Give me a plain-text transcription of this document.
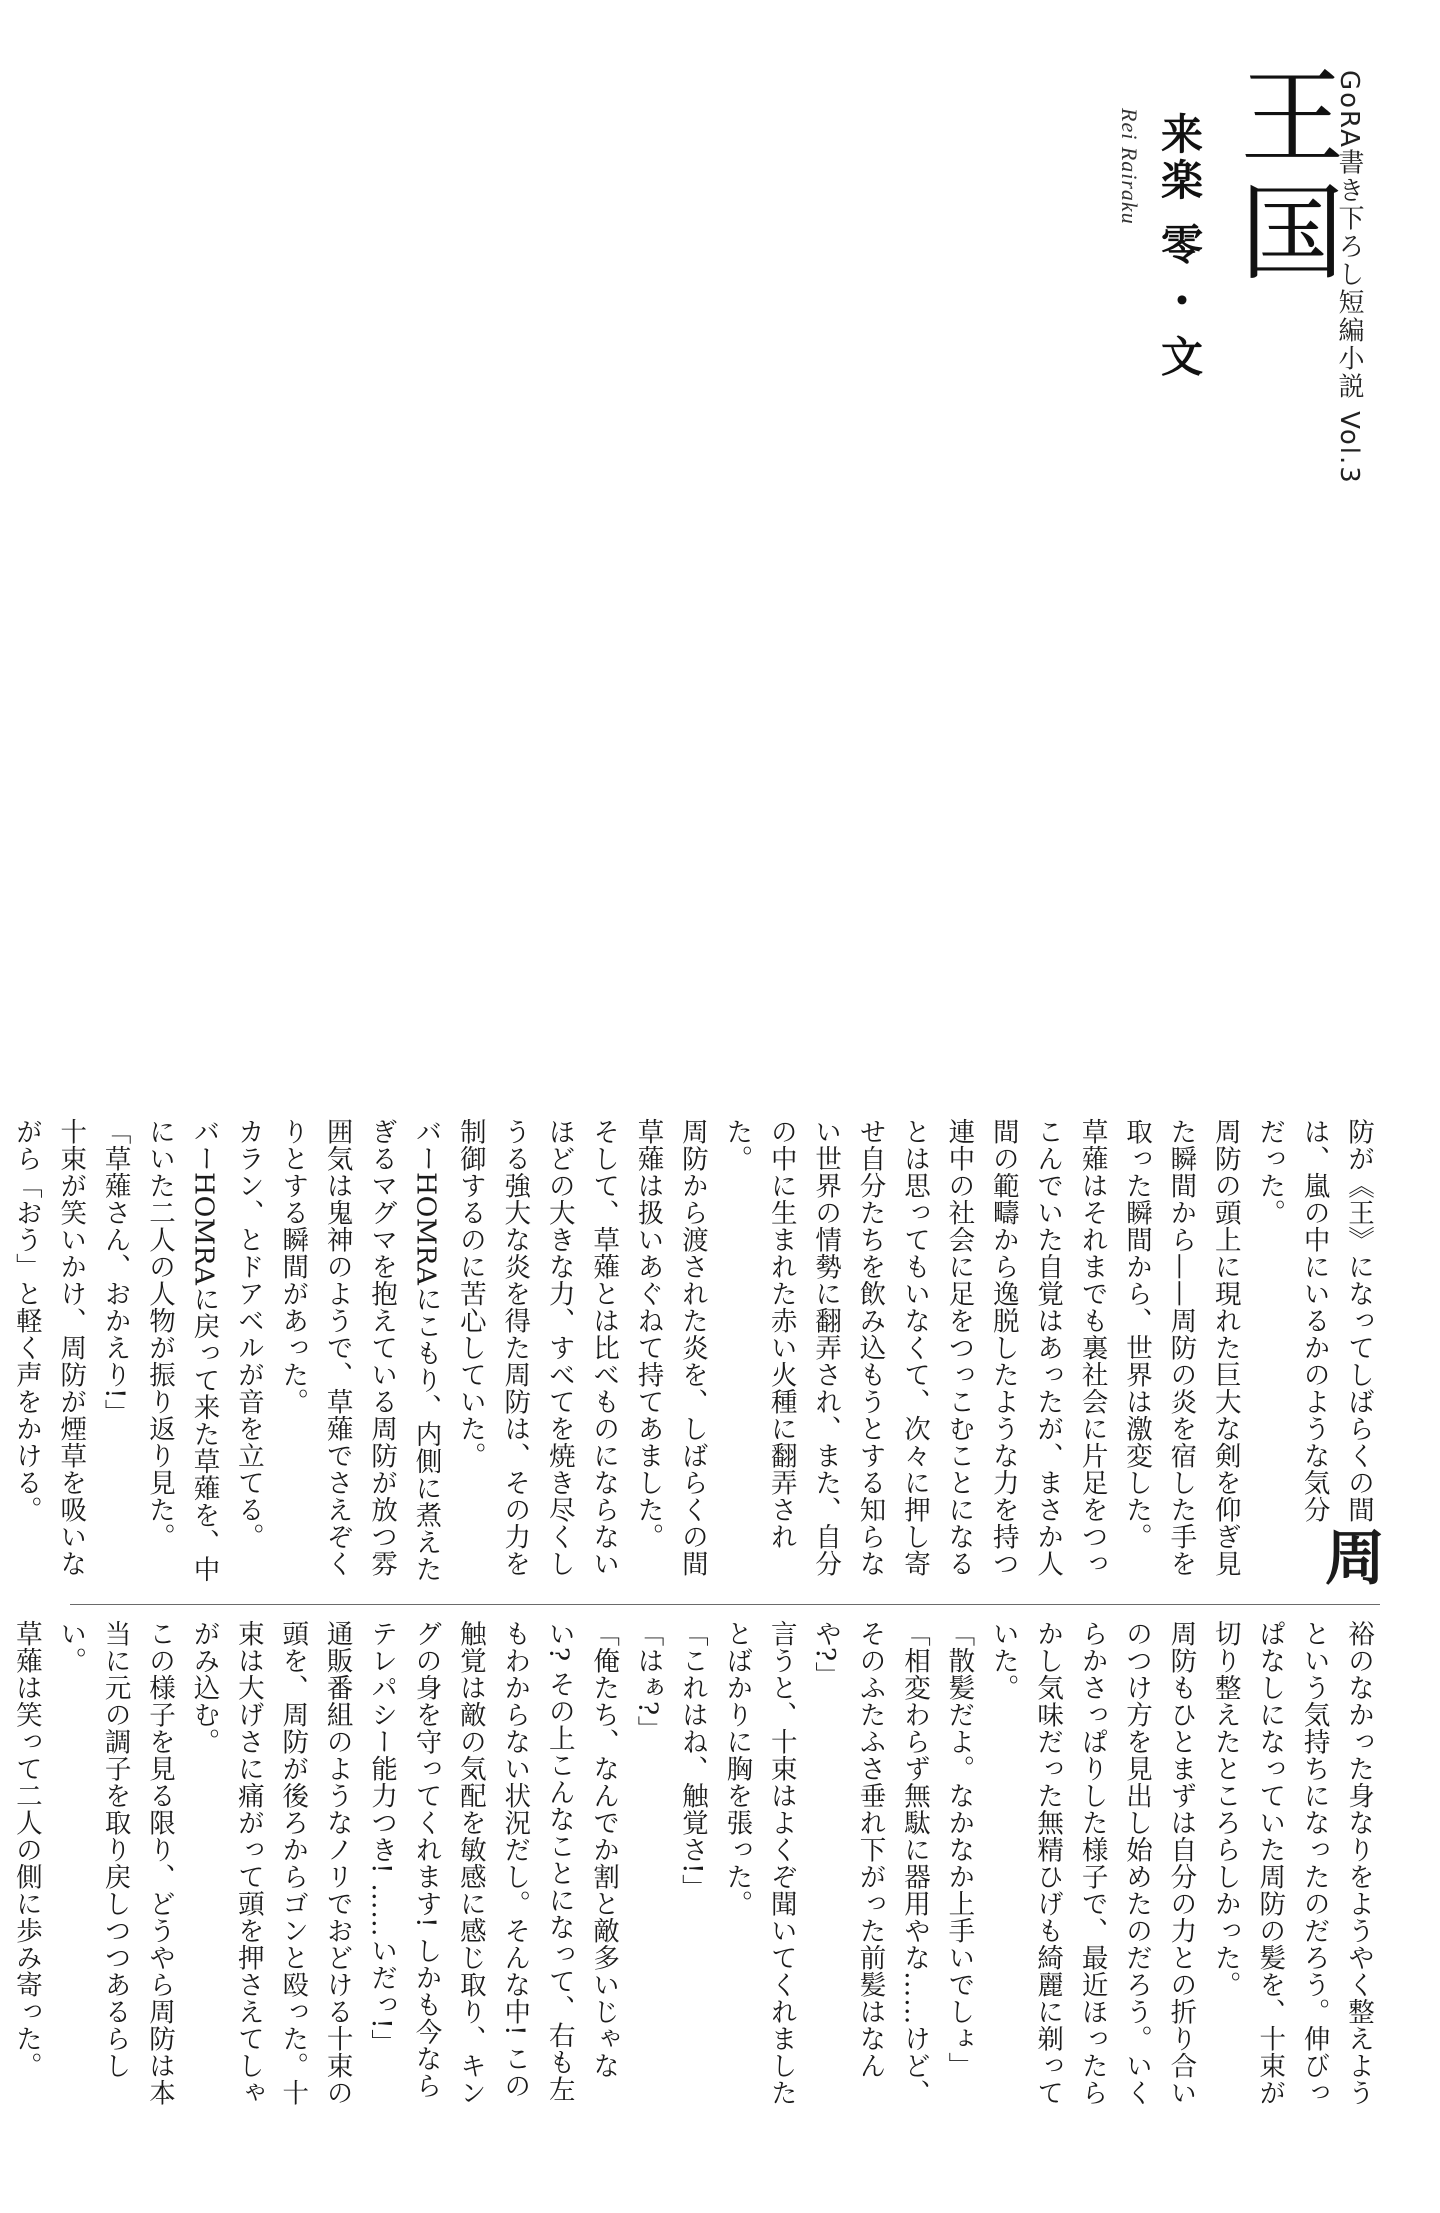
GoRA書き下ろし短編小説 Vol.3
王国
来楽 零・文
Rei Rairaku

周
防が《王》になってしばらくの間は、嵐の中にいるかのような気分だった。

周防の頭上に現れた巨大な剣を仰ぎ見た瞬間から——周防の炎を宿した手を取った瞬間から、世界は激変した。

草薙はそれまでも裏社会に片足をつっこんでいた自覚はあったが、まさか人間の範疇から逸脱したような力を持つ連中の社会に足をつっこむことになるとは思ってもいなくて、次々に押し寄せ自分たちを飲み込もうとする知らない世界の情勢に翻弄され、また、自分の中に生まれた赤い火種に翻弄された。

周防から渡された炎を、しばらくの間草薙は扱いあぐねて持てあました。

そして、草薙とは比べものにならないほどの大きな力、すべてを焼き尽くしうる強大な炎を得た周防は、その力を制御するのに苦心していた。

バーHOMRAにこもり、内側に煮えたぎるマグマを抱えている周防が放つ雰囲気は鬼神のようで、草薙でさえぞくりとする瞬間があった。

カラン、とドアベルが音を立てる。

バーHOMRAに戻って来た草薙を、中にいた二人の人物が振り返り見た。

「草薙さん、おかえり!」

十束が笑いかけ、周防が煙草を吸いながら「おう」と軽く声をかける。

裕のなかった身なりをようやく整えようという気持ちになったのだろう。伸びっぱなしになっていた周防の髪を、十束が切り整えたところらしかった。

周防もひとまずは自分の力との折り合いのつけ方を見出し始めたのだろう。いくらかさっぱりした様子で、最近ほったらかし気味だった無精ひげも綺麗に剃っていた。

「散髪だよ。なかなか上手いでしょ」

「相変わらず無駄に器用やな……けど、そのふたふさ垂れ下がった前髪はなんや?」

言うと、十束はよくぞ聞いてくれましたとばかりに胸を張った。

「これはね、触覚さ!」

「はぁ?」

「俺たち、なんでか割と敵多いじゃない? その上こんなことになって、右も左もわからない状況だし。そんな中! この触覚は敵の気配を敏感に感じ取り、キングの身を守ってくれます! しかも今ならテレパシー能力つき! ……いだっ!」

通販番組のようなノリでおどける十束の頭を、周防が後ろからゴンと殴った。十束は大げさに痛がって頭を押さえてしゃがみ込む。

この様子を見る限り、どうやら周防は本当に元の調子を取り戻しつつあるらしい。

草薙は笑って二人の側に歩み寄った。
